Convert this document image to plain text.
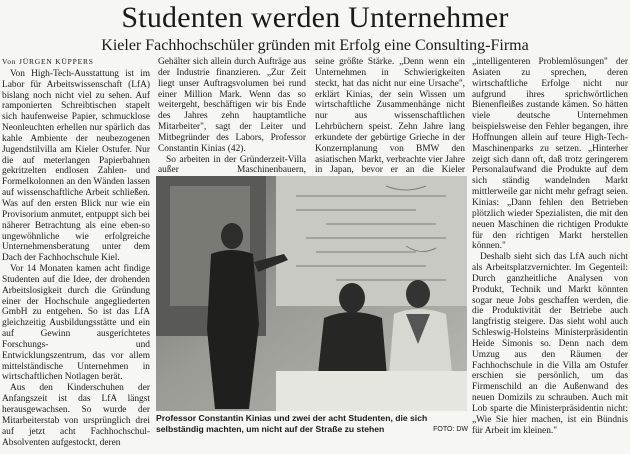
Studenten werden Unternehmer
Kieler Fachhochschüler gründen mit Erfolg eine Consulting-Firma

Von JÜRGEN KÜPPERS

Von High-Tech-Ausstattung ist im Labor für Arbeitswissenschaft (LfA) bislang noch nicht viel zu sehen. Auf ramponierten Schreibtischen stapelt sich haufenweise Papier, schmucklose Neonleuchten erhellen nur spärlich das kahle Ambiente der neubezogenen Jugendstilvilla am Kieler Ostufer. Nur die auf meterlangen Papierbahnen gekritzelten endlosen Zahlen- und Formelkolonnen an den Wänden lassen auf wissenschaftliche Arbeit schließen. Was auf den ersten Blick nur wie ein Provisorium anmutet, entpuppt sich bei näherer Betrachtung als eine eben-so ungewöhnliche wie erfolgreiche Unternehmensberatung unter dem Dach der Fachhochschule Kiel.

Vor 14 Monaten kamen acht findige Studenten auf die Idee, der drohenden Arbeitslosigkeit durch die Gründung einer der Hochschule angegliederten GmbH zu entgehen. So ist das LfA gleichzeitig Ausbildungsstätte und ein auf Gewinn ausgerichtetes Forschungs- und Entwicklungszentrum, das vor allem mittelständische Unternehmen in wirtschaftlichen Notlagen berät.

Aus den Kinderschuhen der Anfangszeit ist das LfA längst herausgewachsen. So wurde der Mitarbeiterstab von ursprünglich drei auf jetzt acht Fachhochschul-Absolventen aufgestockt, deren

Gehälter sich allein durch Aufträge aus der Industrie finanzieren. „Zur Zeit liegt unser Auftragsvolumen bei rund einer Million Mark. Wenn das so weitergeht, beschäftigen wir bis Ende des Jahres zehn hauptamtliche Mitarbeiter", sagt der Leiter und Mitbegründer des Labors, Professor Constantin Kinias (42).

So arbeiten in der Gründerzeit-Villa außer Maschinenbauern,

seine größte Stärke. „Denn wenn ein Unternehmen in Schwierigkeiten steckt, hat das nicht nur eine Ursache", erklärt Kinias, der sein Wissen um wirtschaftliche Zusammenhänge nicht nur aus wissenschaftlichen Lehrbüchern speist. Zehn Jahre lang erkundete der gebürtige Grieche in der Konzernplanung von BMW den asiatischen Markt, verbrachte vier Jahre in Japan, bevor er an die Kieler

„intelligenteren Problemlösungen" der Asiaten zu sprechen, deren wirtschaftliche Erfolge nicht nur aufgrund ihres sprichwörtlichen Bienenfleißes zustande kämen. So hätten viele deutsche Unternehmen beispielsweise den Fehler begangen, ihre Hoffnungen allein auf teure High-Tech-Maschinenparks zu setzen. „Hinterher zeigt sich dann oft, daß trotz geringerem Personalaufwand die Produkte auf dem sich ständig wandelnden Markt mittlerweile gar nicht mehr gefragt seien. Kinias: „Dann fehlen den Betrieben plötzlich wieder Spezialisten, die mit den neuen Maschinen die richtigen Produkte für den richtigen Markt herstellen können."

Deshalb sieht sich das LfA auch nicht als Arbeitsplatzvernichter. Im Gegenteil: Durch ganzheitliche Analysen von Produkt, Technik und Markt könnten sogar neue Jobs geschaffen werden, die die Produktivität der Betriebe auch langfristig steigere. Das sieht wohl auch Schleswig-Holsteins Ministerpräsidentin Heide Simonis so. Denn nach dem Umzug aus den Räumen der Fachhochschule in die Villa am Ostufer erschien sie persönlich, um das Firmenschild an die Außenwand des neuen Domizils zu schrauben. Auch mit Lob sparte die Ministerpräsidentin nicht: „Wie Sie hier machen, ist ein Bündnis für Arbeit im kleinen."

Professor Constantin Kinias und zwei der acht Studenten, die sich selbständig machten, um nicht auf der Straße zu stehen	FOTO: DW
